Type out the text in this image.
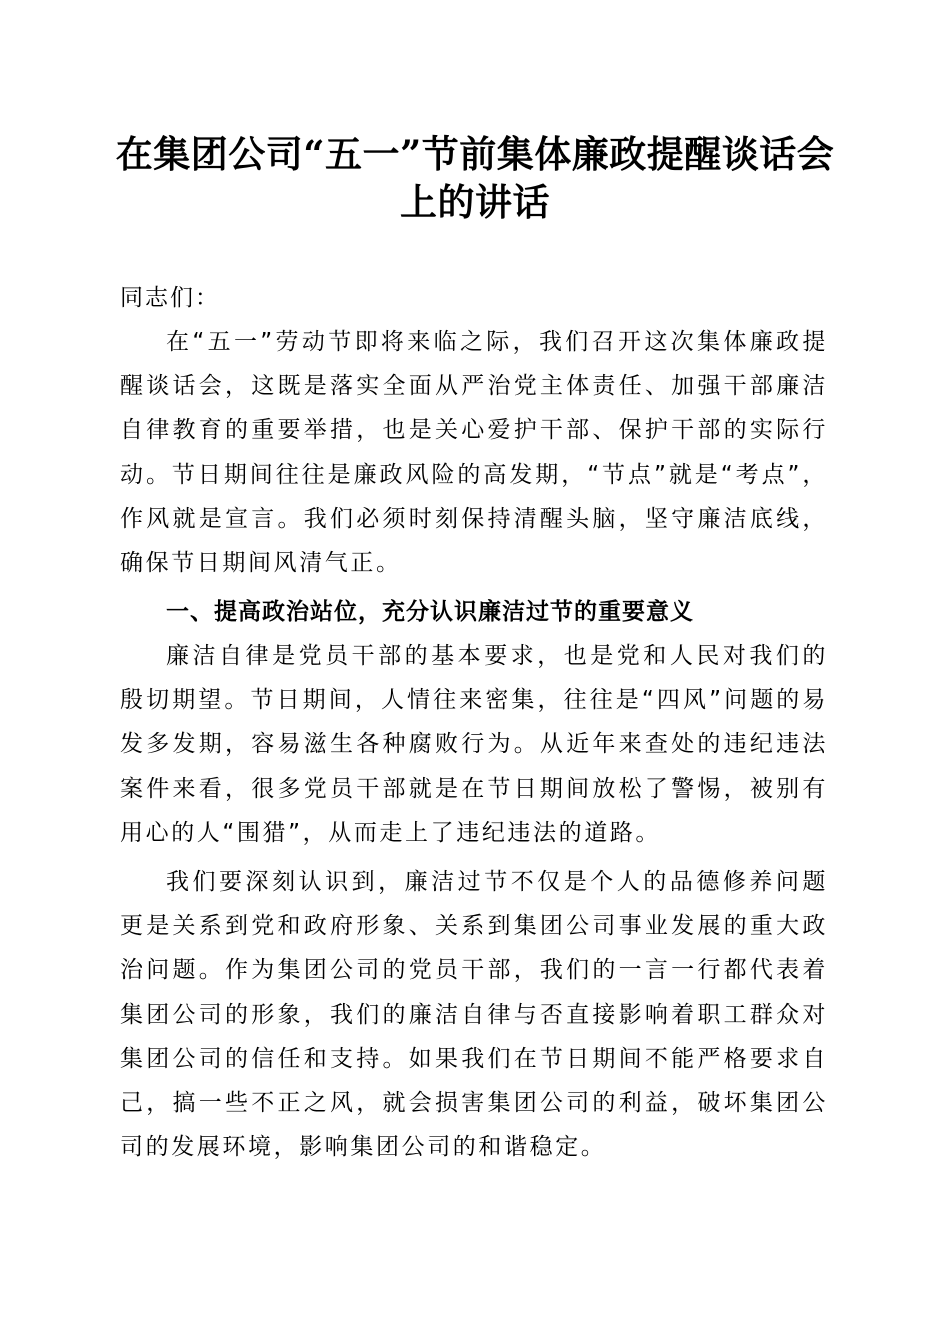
在集团公司“五一”节前集体廉政提醒谈话会
上的讲话

同志们：

在“五一”劳动节即将来临之际，我们召开这次集体廉政提醒谈话会，这既是落实全面从严治党主体责任、加强干部廉洁自律教育的重要举措，也是关心爱护干部、保护干部的实际行动。节日期间往往是廉政风险的高发期，“节点”就是“考点”，作风就是宣言。我们必须时刻保持清醒头脑，坚守廉洁底线，确保节日期间风清气正。

一、提高政治站位，充分认识廉洁过节的重要意义

廉洁自律是党员干部的基本要求，也是党和人民对我们的殷切期望。节日期间，人情往来密集，往往是“四风”问题的易发多发期，容易滋生各种腐败行为。从近年来查处的违纪违法案件来看，很多党员干部就是在节日期间放松了警惕，被别有用心的人“围猎”，从而走上了违纪违法的道路。

我们要深刻认识到，廉洁过节不仅是个人的品德修养问题更是关系到党和政府形象、关系到集团公司事业发展的重大政治问题。作为集团公司的党员干部，我们的一言一行都代表着集团公司的形象，我们的廉洁自律与否直接影响着职工群众对集团公司的信任和支持。如果我们在节日期间不能严格要求自己，搞一些不正之风，就会损害集团公司的利益，破坏集团公司的发展环境，影响集团公司的和谐稳定。
